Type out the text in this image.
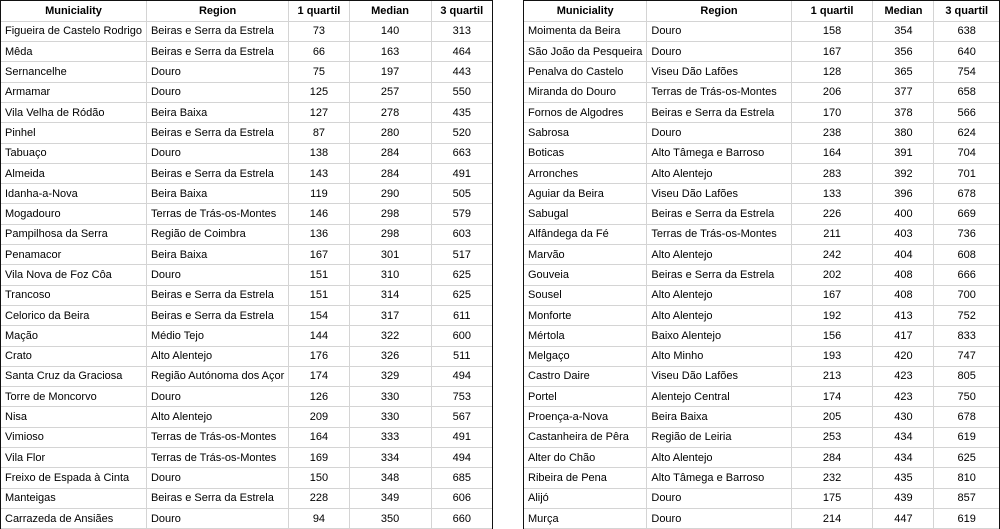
Municiality	Region	1 quartil	Median	3 quartil
Figueira de Castelo Rodrigo	Beiras e Serra da Estrela	73	140	313
Mêda	Beiras e Serra da Estrela	66	163	464
Sernancelhe	Douro	75	197	443
Armamar	Douro	125	257	550
Vila Velha de Ródão	Beira Baixa	127	278	435
Pinhel	Beiras e Serra da Estrela	87	280	520
Tabuaço	Douro	138	284	663
Almeida	Beiras e Serra da Estrela	143	284	491
Idanha-a-Nova	Beira Baixa	119	290	505
Mogadouro	Terras de Trás-os-Montes	146	298	579
Pampilhosa da Serra	Região de Coimbra	136	298	603
Penamacor	Beira Baixa	167	301	517
Vila Nova de Foz Côa	Douro	151	310	625
Trancoso	Beiras e Serra da Estrela	151	314	625
Celorico da Beira	Beiras e Serra da Estrela	154	317	611
Mação	Médio Tejo	144	322	600
Crato	Alto Alentejo	176	326	511
Santa Cruz da Graciosa	Região Autónoma dos Açor	174	329	494
Torre de Moncorvo	Douro	126	330	753
Nisa	Alto Alentejo	209	330	567
Vimioso	Terras de Trás-os-Montes	164	333	491
Vila Flor	Terras de Trás-os-Montes	169	334	494
Freixo de Espada à Cinta	Douro	150	348	685
Manteigas	Beiras e Serra da Estrela	228	349	606
Carrazeda de Ansiães	Douro	94	350	660
Municiality	Region	1 quartil	Median	3 quartil
Moimenta da Beira	Douro	158	354	638
São João da Pesqueira	Douro	167	356	640
Penalva do Castelo	Viseu Dão Lafões	128	365	754
Miranda do Douro	Terras de Trás-os-Montes	206	377	658
Fornos de Algodres	Beiras e Serra da Estrela	170	378	566
Sabrosa	Douro	238	380	624
Boticas	Alto Tâmega e Barroso	164	391	704
Arronches	Alto Alentejo	283	392	701
Aguiar da Beira	Viseu Dão Lafões	133	396	678
Sabugal	Beiras e Serra da Estrela	226	400	669
Alfândega da Fé	Terras de Trás-os-Montes	211	403	736
Marvão	Alto Alentejo	242	404	608
Gouveia	Beiras e Serra da Estrela	202	408	666
Sousel	Alto Alentejo	167	408	700
Monforte	Alto Alentejo	192	413	752
Mértola	Baixo Alentejo	156	417	833
Melgaço	Alto Minho	193	420	747
Castro Daire	Viseu Dão Lafões	213	423	805
Portel	Alentejo Central	174	423	750
Proença-a-Nova	Beira Baixa	205	430	678
Castanheira de Pêra	Região de Leiria	253	434	619
Alter do Chão	Alto Alentejo	284	434	625
Ribeira de Pena	Alto Tâmega e Barroso	232	435	810
Alijó	Douro	175	439	857
Murça	Douro	214	447	619
